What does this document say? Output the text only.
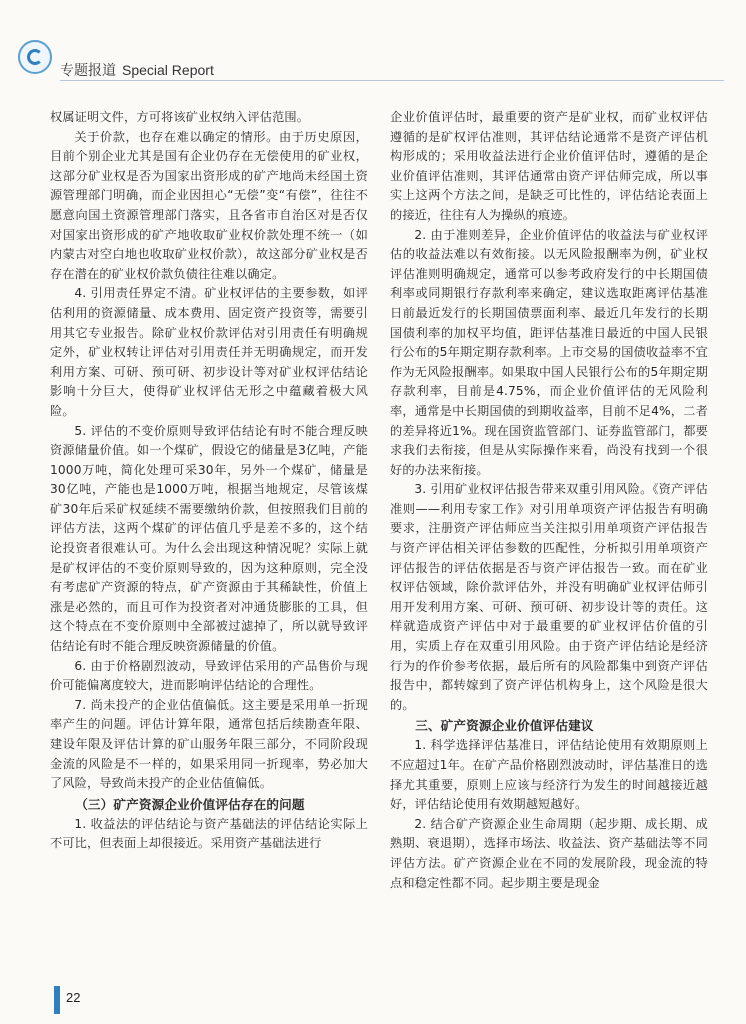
专题报道 Special Report

权属证明文件，方可将该矿业权纳入评估范围。

关于价款，也存在难以确定的情形。由于历史原因，目前个别企业尤其是国有企业仍存在无偿使用的矿业权，这部分矿业权是否为国家出资形成的矿产地尚未经国土资源管理部门明确，而企业因担心“无偿”变“有偿”，往往不愿意向国土资源管理部门落实，且各省市自治区对是否仅对国家出资形成的矿产地收取矿业权价款处理不统一（如内蒙古对空白地也收取矿业权价款），故这部分矿业权是否存在潜在的矿业权价款负债往往难以确定。

4. 引用责任界定不清。矿业权评估的主要参数，如评估利用的资源储量、成本费用、固定资产投资等，需要引用其它专业报告。除矿业权价款评估对引用责任有明确规定外，矿业权转让评估对引用责任并无明确规定，而开发利用方案、可研、预可研、初步设计等对矿业权评估结论影响十分巨大，使得矿业权评估无形之中蕴藏着极大风险。

5. 评估的不变价原则导致评估结论有时不能合理反映资源储量价值。如一个煤矿，假设它的储量是3亿吨，产能1000万吨，简化处理可采30年，另外一个煤矿，储量是30亿吨，产能也是1000万吨，根据当地规定，尽管该煤矿30年后采矿权延续不需要缴纳价款，但按照我们目前的评估方法，这两个煤矿的评估值几乎是差不多的，这个结论投资者很难认可。为什么会出现这种情况呢？实际上就是矿权评估的不变价原则导致的，因为这种原则，完全没有考虑矿产资源的特点，矿产资源由于其稀缺性，价值上涨是必然的，而且可作为投资者对冲通货膨胀的工具，但这个特点在不变价原则中全部被过滤掉了，所以就导致评估结论有时不能合理反映资源储量的价值。

6. 由于价格剧烈波动，导致评估采用的产品售价与现价可能偏离度较大，进而影响评估结论的合理性。

7. 尚未投产的企业估值偏低。这主要是采用单一折现率产生的问题。评估计算年限，通常包括后续勘查年限、建设年限及评估计算的矿山服务年限三部分，不同阶段现金流的风险是不一样的，如果采用同一折现率，势必加大了风险，导致尚未投产的企业估值偏低。

（三）矿产资源企业价值评估存在的问题

1. 收益法的评估结论与资产基础法的评估结论实际上不可比，但表面上却很接近。采用资产基础法进行

企业价值评估时，最重要的资产是矿业权，而矿业权评估遵循的是矿权评估准则，其评估结论通常不是资产评估机构形成的；采用收益法进行企业价值评估时，遵循的是企业价值评估准则，其评估通常由资产评估师完成，所以事实上这两个方法之间，是缺乏可比性的，评估结论表面上的接近，往往有人为操纵的痕迹。

2. 由于准则差异，企业价值评估的收益法与矿业权评估的收益法难以有效衔接。以无风险报酬率为例，矿业权评估准则明确规定，通常可以参考政府发行的中长期国债利率或同期银行存款利率来确定，建议选取距离评估基准日前最近发行的长期国债票面利率、最近几年发行的长期国债利率的加权平均值，距评估基准日最近的中国人民银行公布的5年期定期存款利率。上市交易的国债收益率不宜作为无风险报酬率。如果取中国人民银行公布的5年期定期存款利率，目前是4.75%，而企业价值评估的无风险利率，通常是中长期国债的到期收益率，目前不足4%，二者的差异将近1%。现在国资监管部门、证券监管部门，都要求我们去衔接，但是从实际操作来看，尚没有找到一个很好的办法来衔接。

3. 引用矿业权评估报告带来双重引用风险。《资产评估准则——利用专家工作》对引用单项资产评估报告有明确要求，注册资产评估师应当关注拟引用单项资产评估报告与资产评估相关评估参数的匹配性，分析拟引用单项资产评估报告的评估依据是否与资产评估报告一致。而在矿业权评估领域，除价款评估外，并没有明确矿业权评估师引用开发利用方案、可研、预可研、初步设计等的责任。这样就造成资产评估中对于最重要的矿业权评估价值的引用，实质上存在双重引用风险。由于资产评估结论是经济行为的作价参考依据，最后所有的风险都集中到资产评估报告中，都转嫁到了资产评估机构身上，这个风险是很大的。

三、矿产资源企业价值评估建议

1. 科学选择评估基准日，评估结论使用有效期原则上不应超过1年。在矿产品价格剧烈波动时，评估基准日的选择尤其重要，原则上应该与经济行为发生的时间越接近越好，评估结论使用有效期越短越好。

2. 结合矿产资源企业生命周期（起步期、成长期、成熟期、衰退期），选择市场法、收益法、资产基础法等不同评估方法。矿产资源企业在不同的发展阶段，现金流的特点和稳定性都不同。起步期主要是现金

22
